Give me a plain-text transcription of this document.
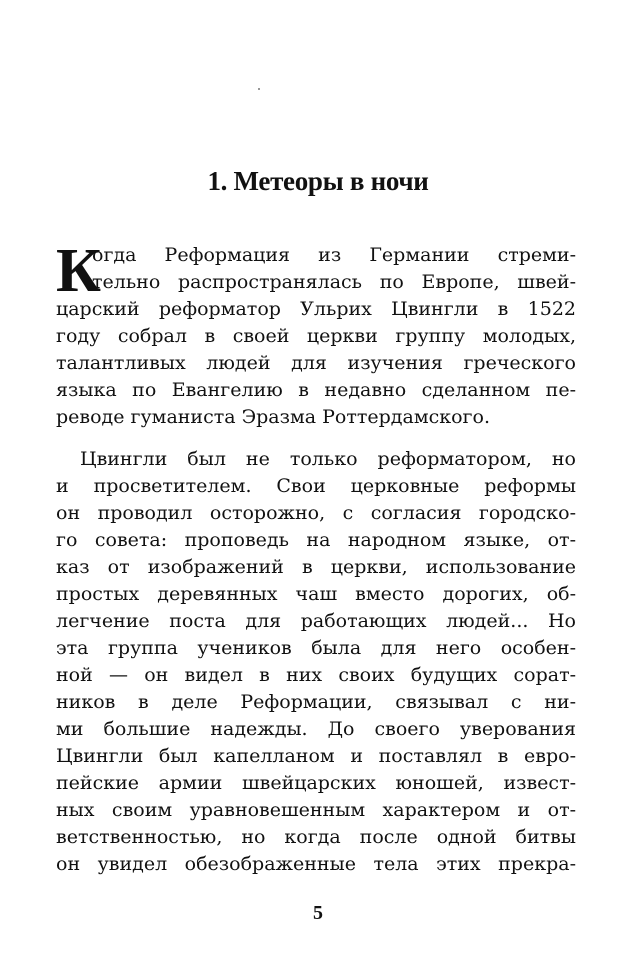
1. Метеоры в ночи
К
огда Реформация из Германии стреми-
тельно распространялась по Европе, швей-
царский реформатор Ульрих Цвингли в 1522
году собрал в своей церкви группу молодых,
талантливых людей для изучения греческого
языка по Евангелию в недавно сделанном пе-
реводе гуманиста Эразма Роттердамского.
Цвингли был не только реформатором, но
и просветителем. Свои церковные реформы
он проводил осторожно, с согласия городско-
го совета: проповедь на народном языке, от-
каз от изображений в церкви, использование
простых деревянных чаш вместо дорогих, об-
легчение поста для работающих людей... Но
эта группа учеников была для него особен-
ной — он видел в них своих будущих сорат-
ников в деле Реформации, связывал с ни-
ми большие надежды. До своего уверования
Цвингли был капелланом и поставлял в евро-
пейские армии швейцарских юношей, извест-
ных своим уравновешенным характером и от-
ветственностью, но когда после одной битвы
он увидел обезображенные тела этих прекра-
5
